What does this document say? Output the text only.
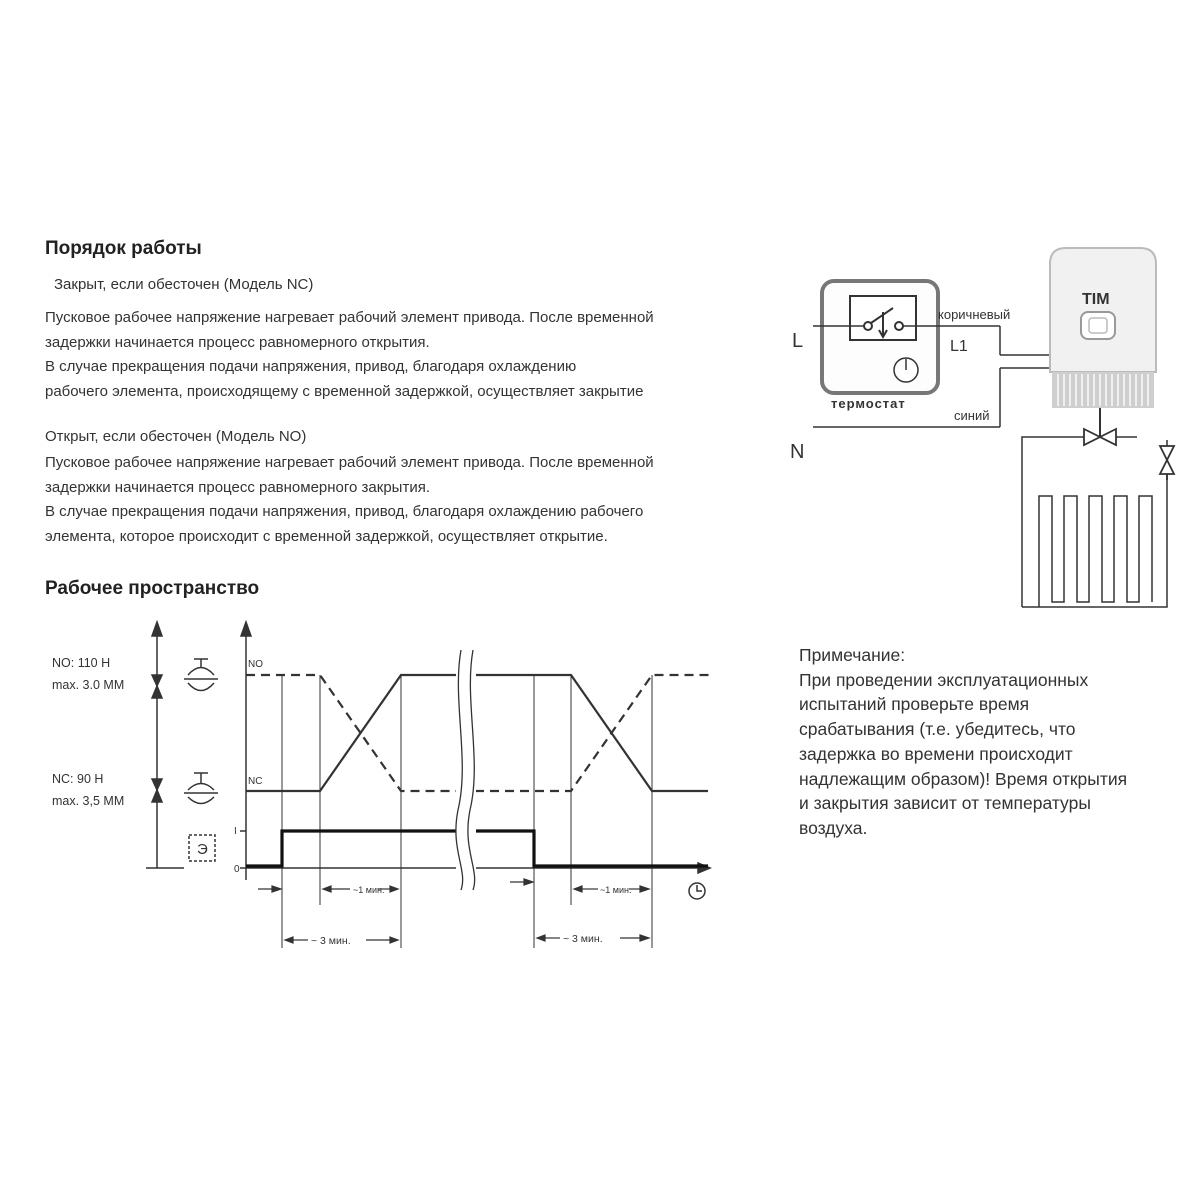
Порядок работы
Закрыт, если обесточен (Модель NC)
Пусковое рабочее напряжение нагревает рабочий элемент привода. После временной
задержки начинается процесс равномерного открытия.
В случае прекращения подачи напряжения, привод, благодаря охлаждению
рабочего элемента, происходящему с временной задержкой, осуществляет закрытие
Открыт, если обесточен (Модель NO)
Пусковое рабочее напряжение нагревает рабочий элемент привода. После временной
задержки начинается процесс равномерного закрытия.
В случае прекращения подачи напряжения, привод, благодаря охлаждению рабочего
элемента, которое происходит с временной задержкой, осуществляет открытие.
Рабочее пространство
термостат
L
коричневый
L1
N
синий
TIM
NO: 110 Н
max. 3.0 ММ
NC: 90 Н
max. 3,5 ММ
Э
NO
NC
I
0
~1 мин.	~1 мин.
~ 3 мин.	~ 3 мин.
Примечание:
При проведении эксплуатационных
испытаний проверьте время
срабатывания (т.е. убедитесь, что
задержка во времени происходит
надлежащим образом)! Время открытия
и закрытия зависит от температуры
воздуха.
